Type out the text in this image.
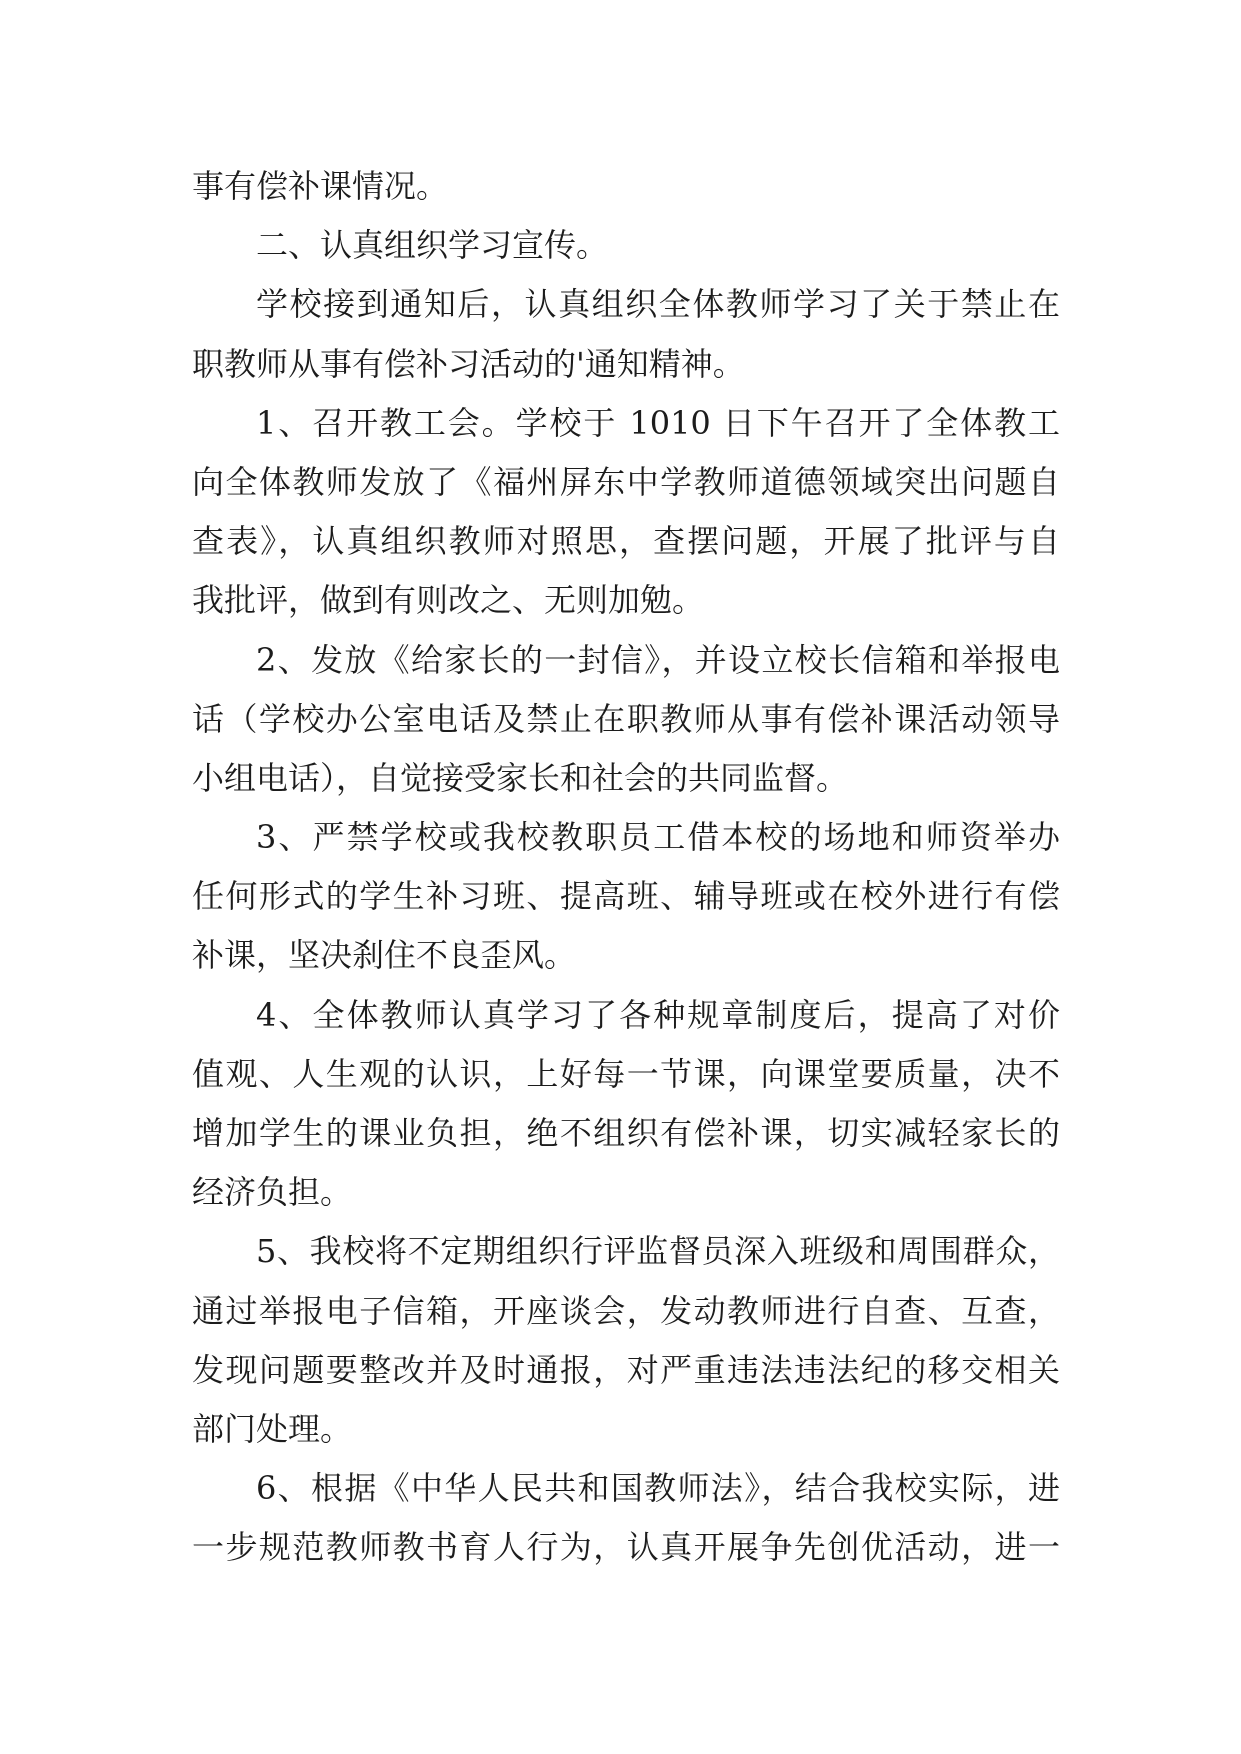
事有偿补课情况。
二、认真组织学习宣传。
学校接到通知后，认真组织全体教师学习了关于禁止在
职教师从事有偿补习活动的'通知精神。
1、召开教工会。学校于 1010 日下午召开了全体教工
向全体教师发放了《福州屏东中学教师道德领域突出问题自
查表》，认真组织教师对照思，查摆问题，开展了批评与自
我批评，做到有则改之、无则加勉。
2、发放《给家长的一封信》，并设立校长信箱和举报电
话（学校办公室电话及禁止在职教师从事有偿补课活动领导
小组电话），自觉接受家长和社会的共同监督。
3、严禁学校或我校教职员工借本校的场地和师资举办
任何形式的学生补习班、提高班、辅导班或在校外进行有偿
补课，坚决刹住不良歪风。
4、全体教师认真学习了各种规章制度后，提高了对价
值观、人生观的认识，上好每一节课，向课堂要质量，决不
增加学生的课业负担，绝不组织有偿补课，切实减轻家长的
经济负担。
5、我校将不定期组织行评监督员深入班级和周围群众，
通过举报电子信箱，开座谈会，发动教师进行自查、互查，
发现问题要整改并及时通报，对严重违法违法纪的移交相关
部门处理。
6、根据《中华人民共和国教师法》，结合我校实际，进
一步规范教师教书育人行为，认真开展争先创优活动，进一
